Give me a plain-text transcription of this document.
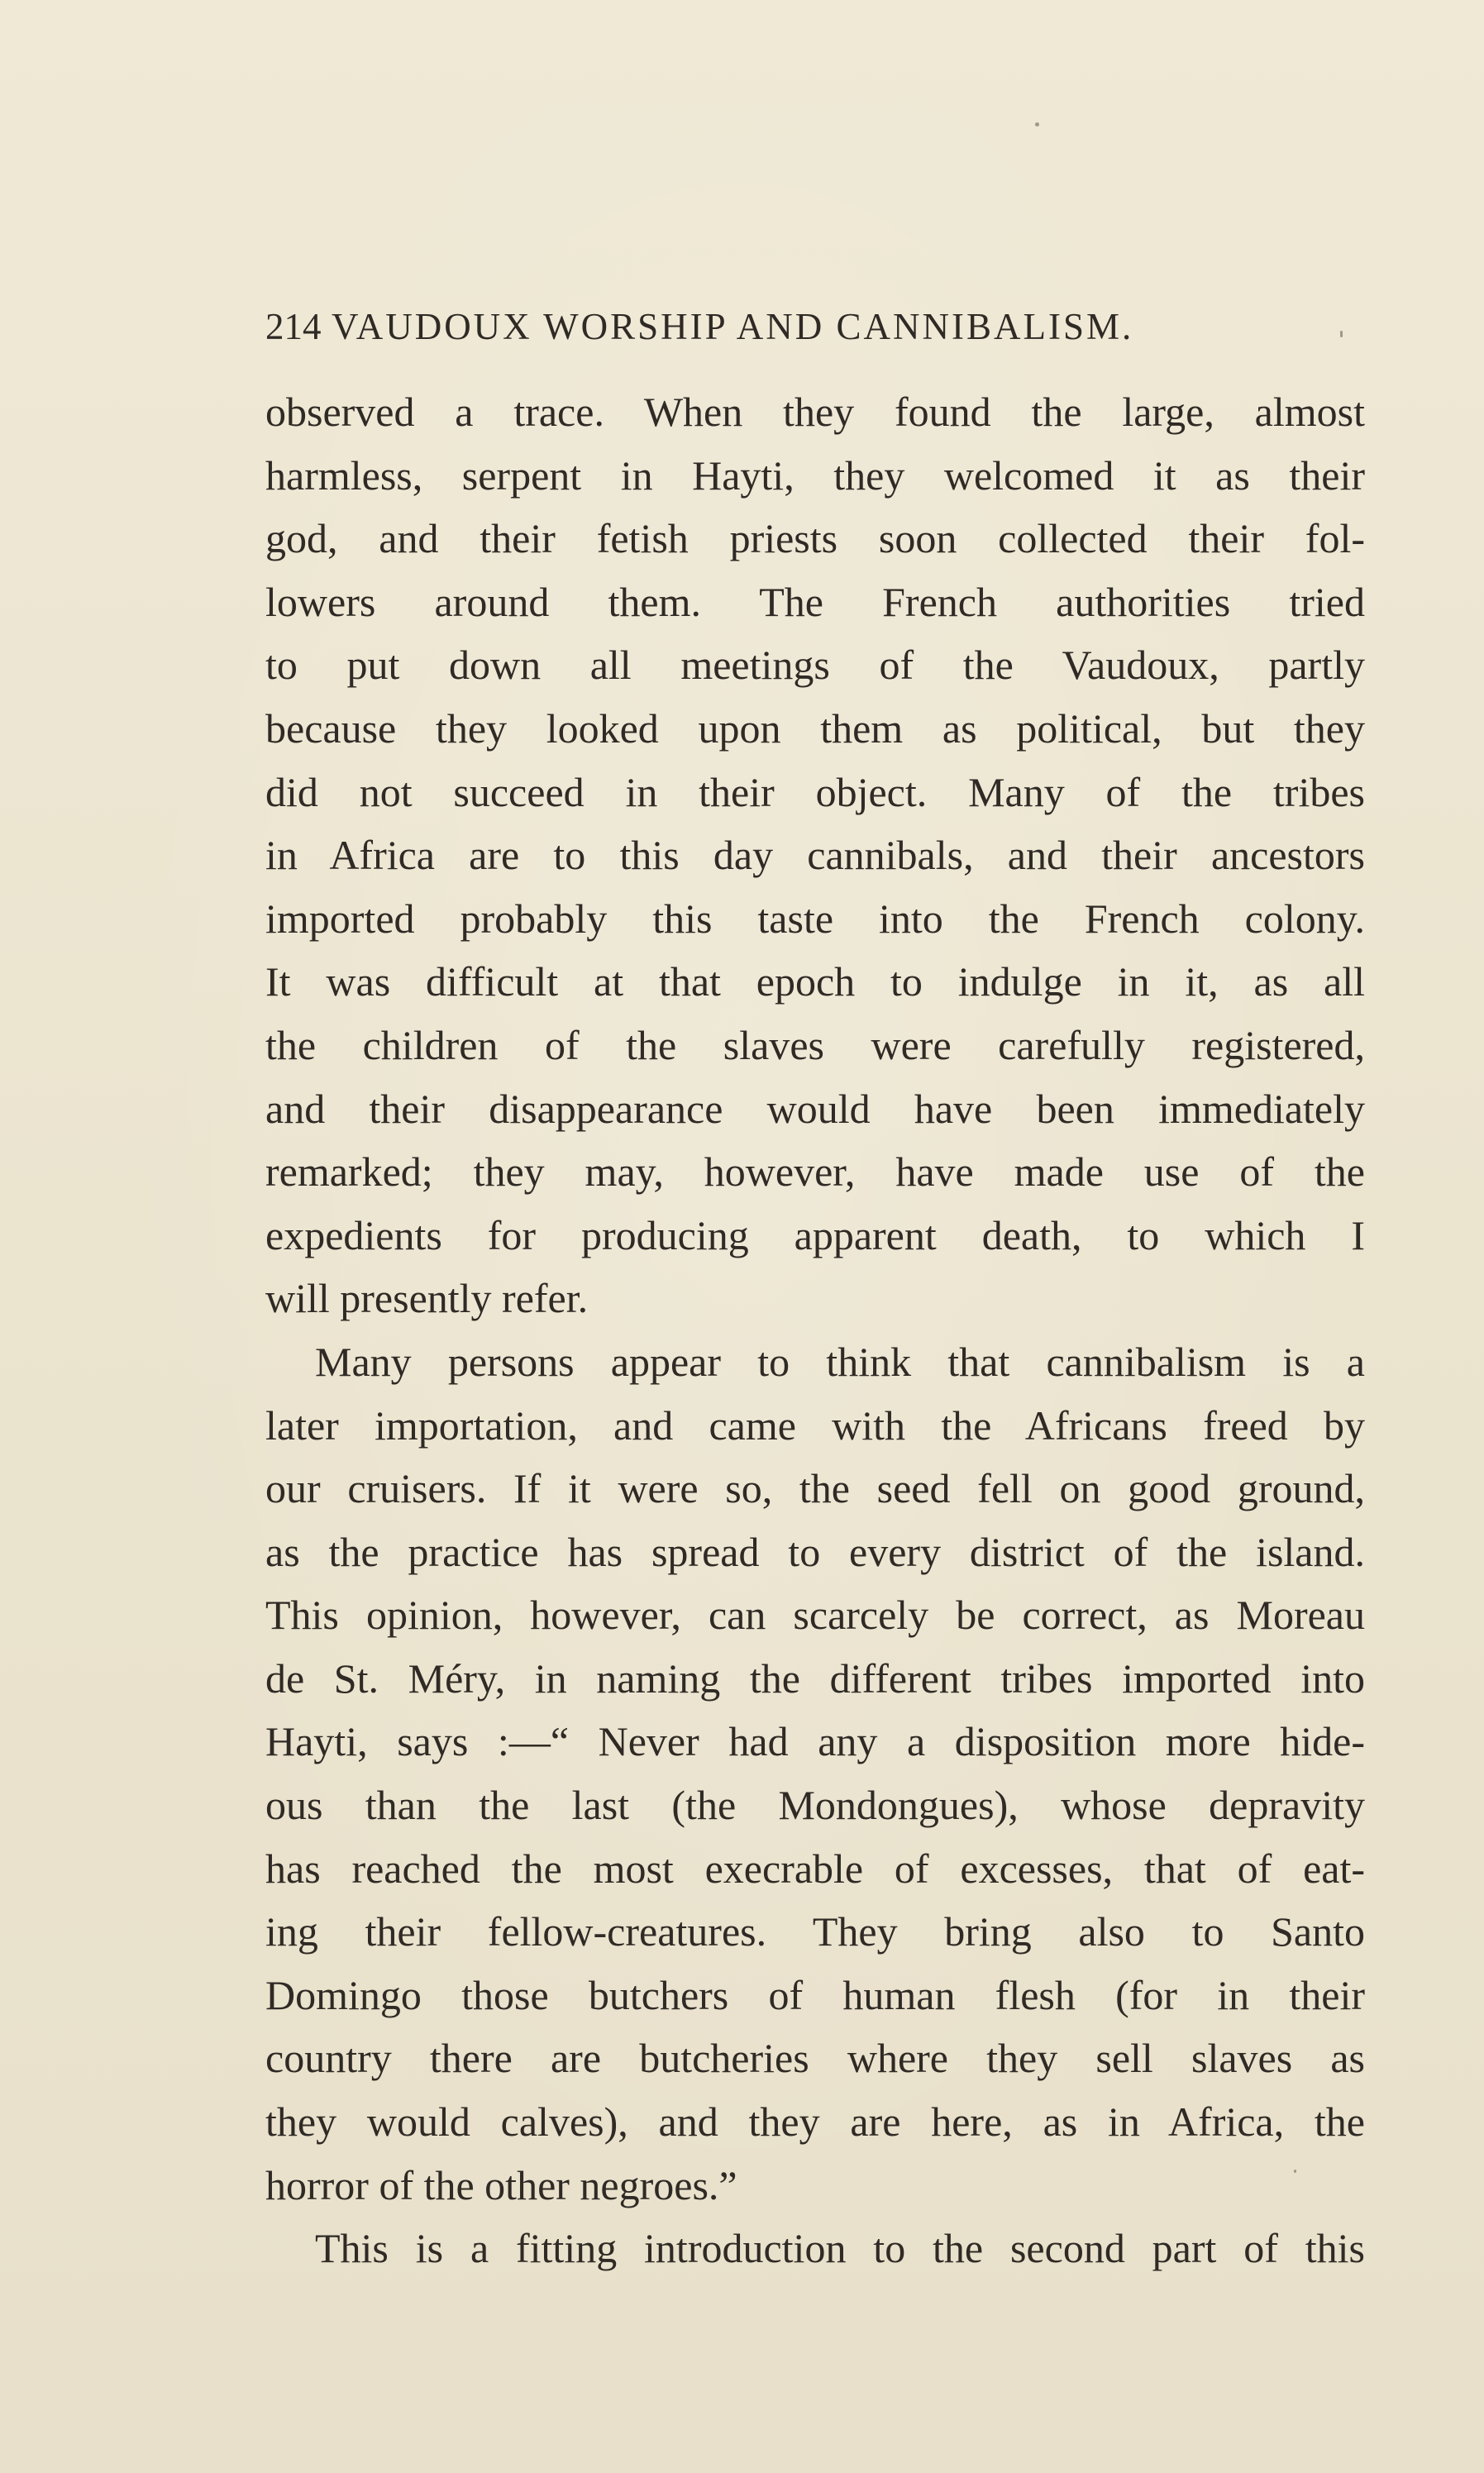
214 VAUDOUX WORSHIP AND CANNIBALISM.
observed a trace. When they found the large, almost
harmless, serpent in Hayti, they welcomed it as their
god, and their fetish priests soon collected their fol-
lowers around them. The French authorities tried
to put down all meetings of the Vaudoux, partly
because they looked upon them as political, but they
did not succeed in their object. Many of the tribes
in Africa are to this day cannibals, and their ancestors
imported probably this taste into the French colony.
It was difficult at that epoch to indulge in it, as all
the children of the slaves were carefully registered,
and their disappearance would have been immediately
remarked; they may, however, have made use of the
expedients for producing apparent death, to which I
will presently refer.
Many persons appear to think that cannibalism is a
later importation, and came with the Africans freed by
our cruisers. If it were so, the seed fell on good ground,
as the practice has spread to every district of the island.
This opinion, however, can scarcely be correct, as Moreau
de St. Méry, in naming the different tribes imported into
Hayti, says :—“ Never had any a disposition more hide-
ous than the last (the Mondongues), whose depravity
has reached the most execrable of excesses, that of eat-
ing their fellow-creatures. They bring also to Santo
Domingo those butchers of human flesh (for in their
country there are butcheries where they sell slaves as
they would calves), and they are here, as in Africa, the
horror of the other negroes.”
This is a fitting introduction to the second part of this
